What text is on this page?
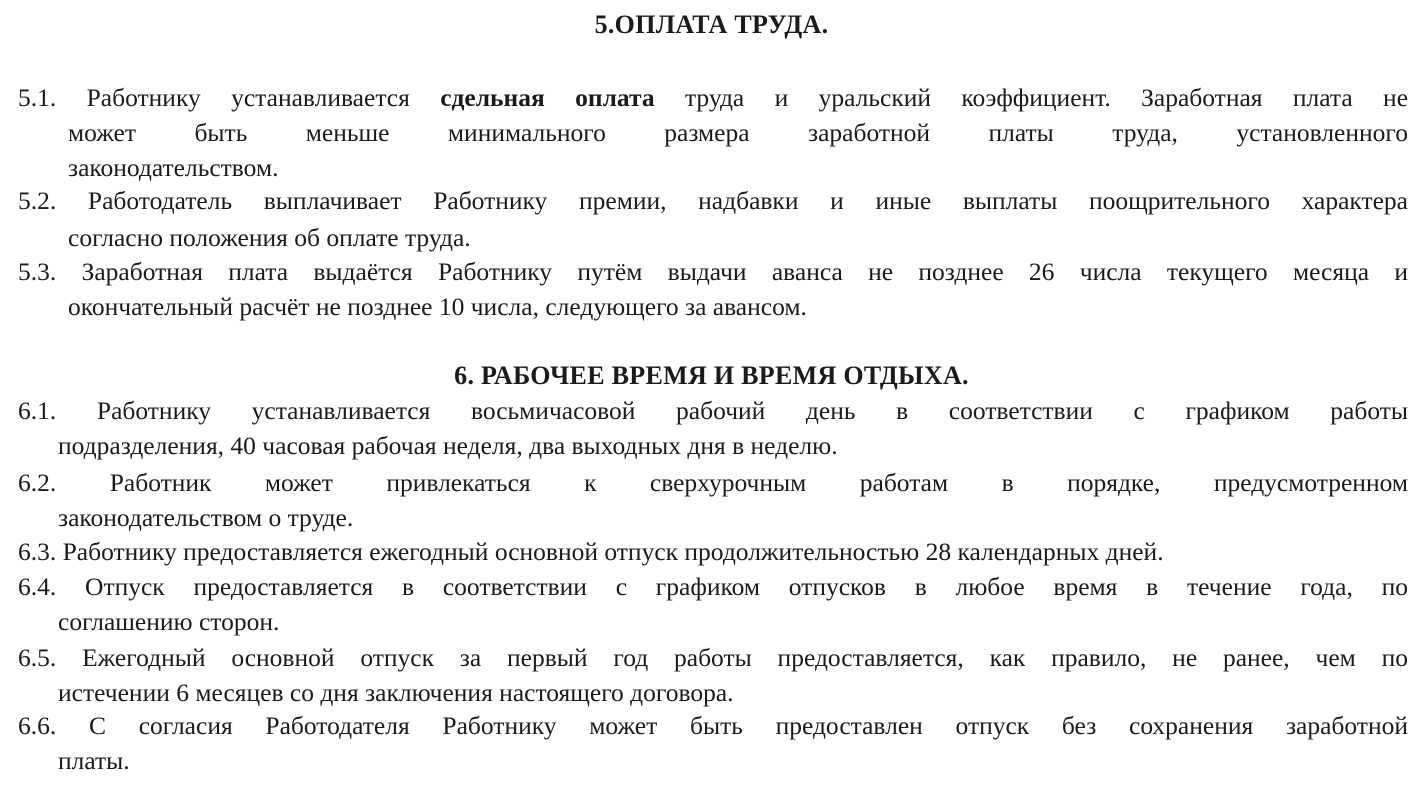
5.ОПЛАТА ТРУДА.
5.1. Работнику устанавливается сдельная оплата труда и уральский коэффициент. Заработная плата не
может быть меньше минимального размера заработной платы труда, установленного
законодательством.
5.2. Работодатель выплачивает Работнику премии, надбавки и иные выплаты поощрительного характера
согласно положения об оплате труда.
5.3. Заработная плата выдаётся Работнику путём выдачи аванса не позднее 26 числа текущего месяца и
окончательный расчёт не позднее 10 числа, следующего за авансом.
6. РАБОЧЕЕ ВРЕМЯ И ВРЕМЯ ОТДЫХА.
6.1. Работнику устанавливается восьмичасовой рабочий день в соответствии с графиком работы
подразделения, 40 часовая рабочая неделя, два выходных дня в неделю.
6.2. Работник может привлекаться к сверхурочным работам в порядке, предусмотренном
законодательством о труде.
6.3. Работнику предоставляется ежегодный основной отпуск продолжительностью 28 календарных дней.
6.4. Отпуск предоставляется в соответствии с графиком отпусков в любое время в течение года, по
соглашению сторон.
6.5. Ежегодный основной отпуск за первый год работы предоставляется, как правило, не ранее, чем по
истечении 6 месяцев со дня заключения настоящего договора.
6.6. С согласия Работодателя Работнику может быть предоставлен отпуск без сохранения заработной
платы.
